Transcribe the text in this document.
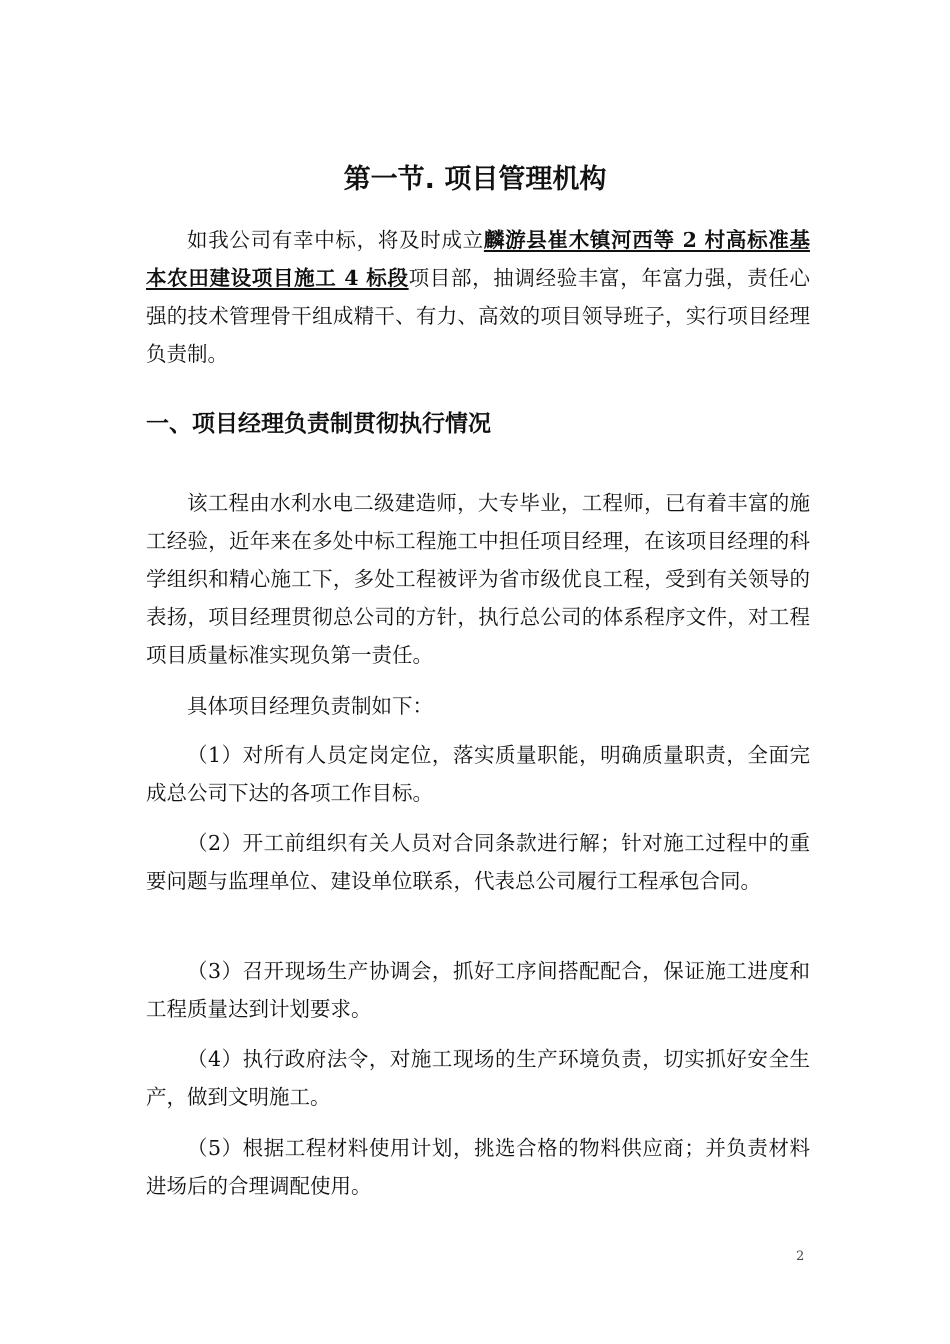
第一节. 项目管理机构

如我公司有幸中标，将及时成立麟游县崔木镇河西等 2 村高标准基本农田建设项目施工 4 标段项目部，抽调经验丰富，年富力强，责任心强的技术管理骨干组成精干、有力、高效的项目领导班子，实行项目经理负责制。

一、项目经理负责制贯彻执行情况

该工程由水利水电二级建造师，大专毕业，工程师，已有着丰富的施工经验，近年来在多处中标工程施工中担任项目经理，在该项目经理的科学组织和精心施工下，多处工程被评为省市级优良工程，受到有关领导的表扬，项目经理贯彻总公司的方针，执行总公司的体系程序文件，对工程项目质量标准实现负第一责任。

具体项目经理负责制如下：

（1）对所有人员定岗定位，落实质量职能，明确质量职责，全面完成总公司下达的各项工作目标。

（2）开工前组织有关人员对合同条款进行解；针对施工过程中的重要问题与监理单位、建设单位联系，代表总公司履行工程承包合同。

（3）召开现场生产协调会，抓好工序间搭配配合，保证施工进度和工程质量达到计划要求。

（4）执行政府法令，对施工现场的生产环境负责，切实抓好安全生产，做到文明施工。

（5）根据工程材料使用计划，挑选合格的物料供应商；并负责材料进场后的合理调配使用。

2
